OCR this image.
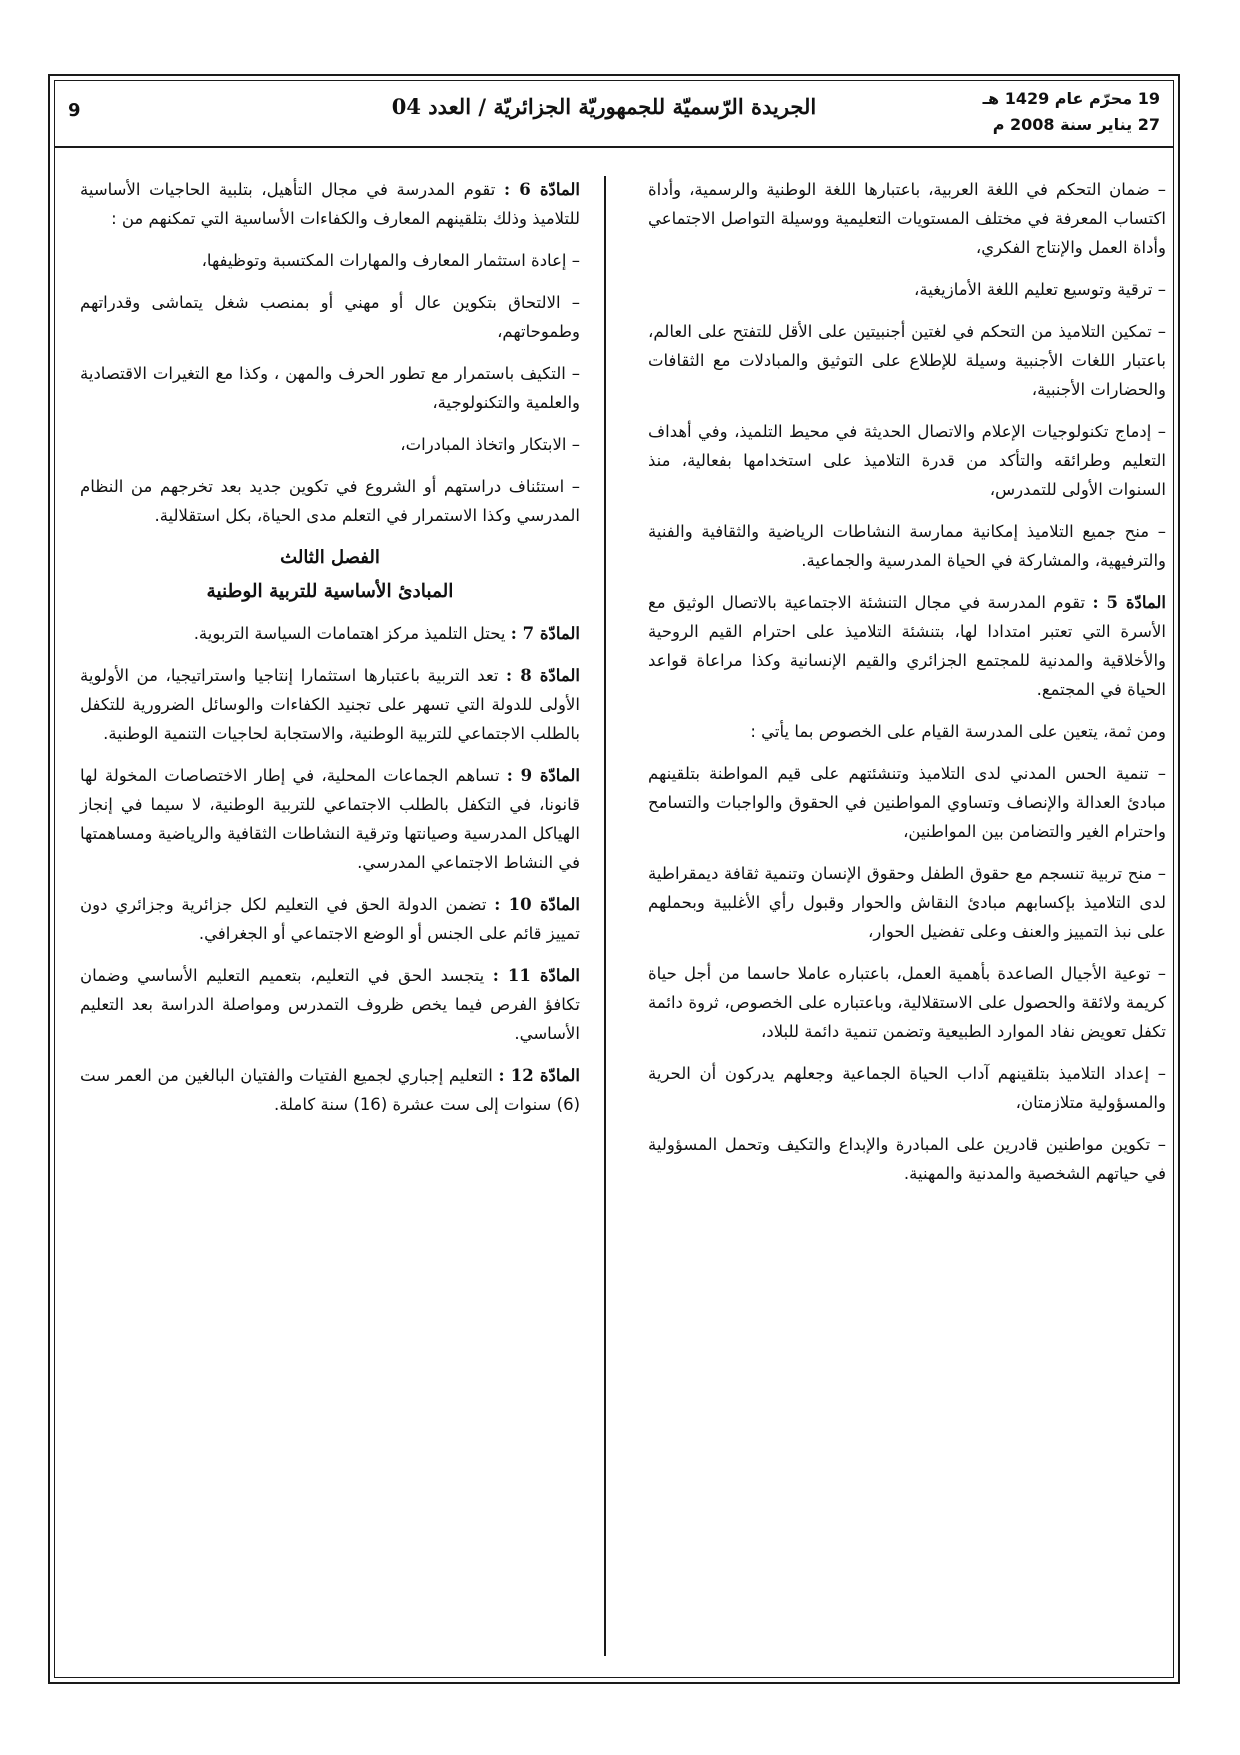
9	الجريدة الرّسميّة للجمهوريّة الجزائريّة / العدد 04	19 محرّم عام 1429 هـ
27 يناير سنة 2008 م

– ضمان التحكم في اللغة العربية، باعتبارها اللغة الوطنية والرسمية، وأداة اكتساب المعرفة في مختلف المستويات التعليمية ووسيلة التواصل الاجتماعي وأداة العمل والإنتاج الفكري،

– ترقية وتوسيع تعليم اللغة الأمازيغية،

– تمكين التلاميذ من التحكم في لغتين أجنبيتين على الأقل للتفتح على العالم، باعتبار اللغات الأجنبية وسيلة للإطلاع على التوثيق والمبادلات مع الثقافات والحضارات الأجنبية،

– إدماج تكنولوجيات الإعلام والاتصال الحديثة في محيط التلميذ، وفي أهداف التعليم وطرائقه والتأكد من قدرة التلاميذ على استخدامها بفعالية، منذ السنوات الأولى للتمدرس،

– منح جميع التلاميذ إمكانية ممارسة النشاطات الرياضية والثقافية والفنية والترفيهية، والمشاركة في الحياة المدرسية والجماعية.

المادّة 5 : تقوم المدرسة في مجال التنشئة الاجتماعية بالاتصال الوثيق مع الأسرة التي تعتبر امتدادا لها، بتنشئة التلاميذ على احترام القيم الروحية والأخلاقية والمدنية للمجتمع الجزائري والقيم الإنسانية وكذا مراعاة قواعد الحياة في المجتمع.

ومن ثمة، يتعين على المدرسة القيام على الخصوص بما يأتي :

– تنمية الحس المدني لدى التلاميذ وتنشئتهم على قيم المواطنة بتلقينهم مبادئ العدالة والإنصاف وتساوي المواطنين في الحقوق والواجبات والتسامح واحترام الغير والتضامن بين المواطنين،

– منح تربية تنسجم مع حقوق الطفل وحقوق الإنسان وتنمية ثقافة ديمقراطية لدى التلاميذ بإكسابهم مبادئ النقاش والحوار وقبول رأي الأغلبية وبحملهم على نبذ التمييز والعنف وعلى تفضيل الحوار،

– توعية الأجيال الصاعدة بأهمية العمل، باعتباره عاملا حاسما من أجل حياة كريمة ولائقة والحصول على الاستقلالية، وباعتباره على الخصوص، ثروة دائمة تكفل تعويض نفاد الموارد الطبيعية وتضمن تنمية دائمة للبلاد،

– إعداد التلاميذ بتلقينهم آداب الحياة الجماعية وجعلهم يدركون أن الحرية والمسؤولية متلازمتان،

– تكوين مواطنين قادرين على المبادرة والإبداع والتكيف وتحمل المسؤولية في حياتهم الشخصية والمدنية والمهنية.

المادّة 6 : تقوم المدرسة في مجال التأهيل، بتلبية الحاجيات الأساسية للتلاميذ وذلك بتلقينهم المعارف والكفاءات الأساسية التي تمكنهم من :

– إعادة استثمار المعارف والمهارات المكتسبة وتوظيفها،

– الالتحاق بتكوين عال أو مهني أو بمنصب شغل يتماشى وقدراتهم وطموحاتهم،

– التكيف باستمرار مع تطور الحرف والمهن ، وكذا مع التغيرات الاقتصادية والعلمية والتكنولوجية،

– الابتكار واتخاذ المبادرات،

– استئناف دراستهم أو الشروع في تكوين جديد بعد تخرجهم من النظام المدرسي وكذا الاستمرار في التعلم مدى الحياة، بكل استقلالية.

الفصل الثالث
المبادئ الأساسية للتربية الوطنية

المادّة 7 : يحتل التلميذ مركز اهتمامات السياسة التربوية.

المادّة 8 : تعد التربية باعتبارها استثمارا إنتاجيا واستراتيجيا، من الأولوية الأولى للدولة التي تسهر على تجنيد الكفاءات والوسائل الضرورية للتكفل بالطلب الاجتماعي للتربية الوطنية، والاستجابة لحاجيات التنمية الوطنية.

المادّة 9 : تساهم الجماعات المحلية، في إطار الاختصاصات المخولة لها قانونا، في التكفل بالطلب الاجتماعي للتربية الوطنية، لا سيما في إنجاز الهياكل المدرسية وصيانتها وترقية النشاطات الثقافية والرياضية ومساهمتها في النشاط الاجتماعي المدرسي.

المادّة 10 : تضمن الدولة الحق في التعليم لكل جزائرية وجزائري دون تمييز قائم على الجنس أو الوضع الاجتماعي أو الجغرافي.

المادّة 11 : يتجسد الحق في التعليم، بتعميم التعليم الأساسي وضمان تكافؤ الفرص فيما يخص ظروف التمدرس ومواصلة الدراسة بعد التعليم الأساسي.

المادّة 12 : التعليم إجباري لجميع الفتيات والفتيان البالغين من العمر ست (6) سنوات إلى ست عشرة (16) سنة كاملة.
